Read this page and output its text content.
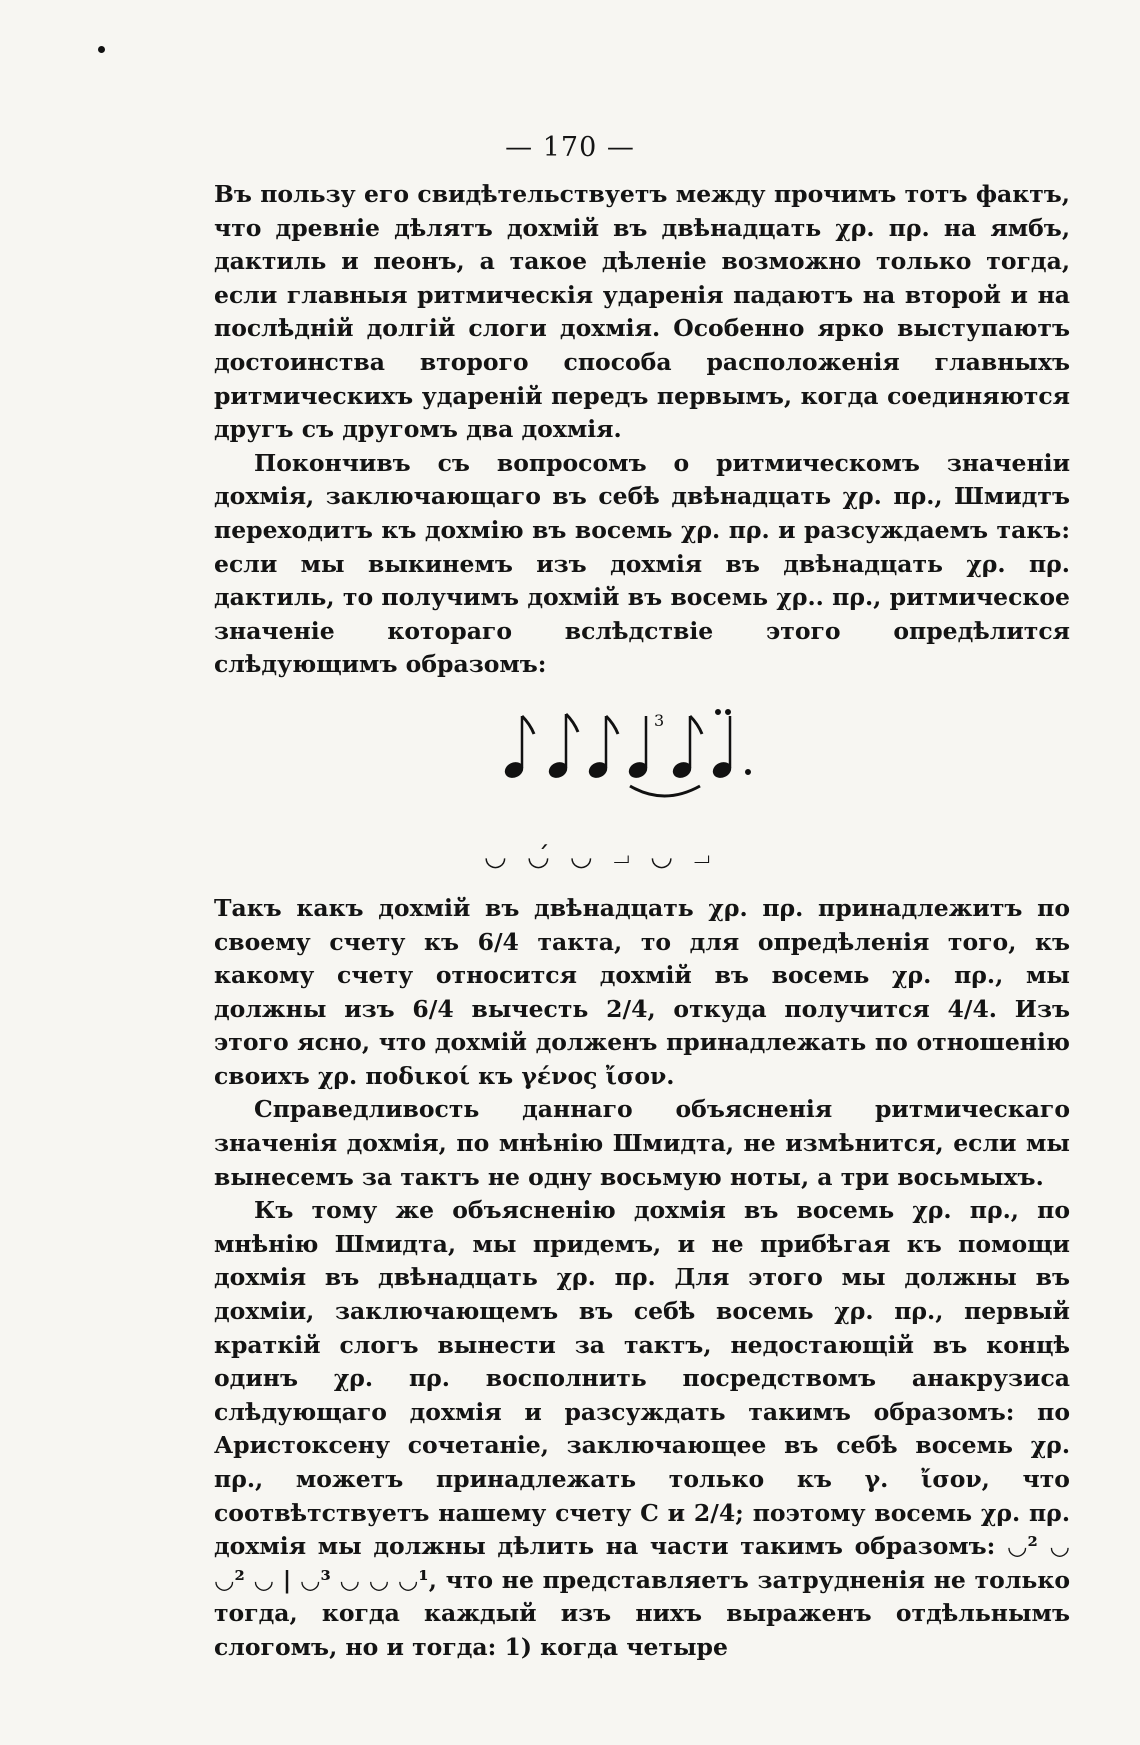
— 170 —

Въ пользу его свидѣтельствуетъ между прочимъ тотъ фактъ, что древніе дѣлятъ дохмій въ двѣнадцать χρ. πρ. на ямбъ, дактиль и пеонъ, а такое дѣленіе возможно только тогда, если главныя ритмическія ударенія падаютъ на второй и на послѣдній долгій слоги дохмія. Особенно ярко выступаютъ достоинства второго способа расположенія главныхъ ритмическихъ удареній передъ первымъ, когда соединяются другъ съ другомъ два дохмія.

Покончивъ съ вопросомъ о ритмическомъ значеніи дохмія, заключающаго въ себѣ двѣнадцать χρ. πρ., Шмидтъ переходитъ къ дохмію въ восемь χρ. πρ. и разсуждаемъ такъ: если мы выкинемъ изъ дохмія въ двѣнадцать χρ. πρ. дактиль, то получимъ дохмій въ восемь χρ.. πρ., ритмическое значеніе котораго вслѣдствіе этого опредѣлится слѣдующимъ образомъ:

3
◡ ◡́ ◡ ⏗ ◡ ⏗

Такъ какъ дохмій въ двѣнадцать χρ. πρ. принадлежитъ по своему счету къ 6/4 такта, то для опредѣленія того, къ какому счету относится дохмій въ восемь χρ. πρ., мы должны изъ 6/4 вычесть 2/4, откуда получится 4/4. Изъ этого ясно, что дохмій долженъ принадлежать по отношенію своихъ χρ. ποδικοί къ γένος ἴσον.

Справедливость даннаго объясненія ритмическаго значенія дохмія, по мнѣнію Шмидта, не измѣнится, если мы вынесемъ за тактъ не одну восьмую ноты, а три восьмыхъ.

Къ тому же объясненію дохмія въ восемь χρ. πρ., по мнѣнію Шмидта, мы придемъ, и не прибѣгая къ помощи дохмія въ двѣнадцать χρ. πρ. Для этого мы должны въ дохміи, заключающемъ въ себѣ восемь χρ. πρ., первый краткій слогъ вынести за тактъ, недостающій въ концѣ одинъ χρ. πρ. восполнить посредствомъ анакрузиса слѣдующаго дохмія и разсуждать такимъ образомъ: по Аристоксену сочетаніе, заключающее въ себѣ восемь χρ. πρ., можетъ принадлежать только къ γ. ἴσον, что соотвѣтствуетъ нашему счету C и 2/4; поэтому восемь χρ. πρ. дохмія мы должны дѣлить на части такимъ образомъ: ◡² ◡ ◡² ◡ | ◡³ ◡ ◡ ◡¹, что не представляетъ затрудненія не только тогда, когда каждый изъ нихъ выраженъ отдѣльнымъ слогомъ, но и тогда: 1) когда четыре
